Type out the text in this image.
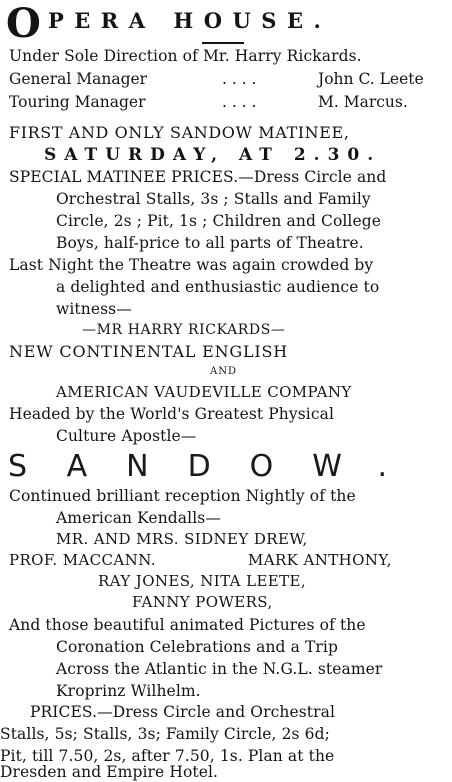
O PERA HOUSE.

Under Sole Direction of Mr. Harry Rickards.

General Manager	. . . .	John C. Leete
Touring Manager	. . . .	M. Marcus.

FIRST AND ONLY SANDOW MATINEE,

SATURDAY, AT 2.30.

SPECIAL MATINEE PRICES.—Dress Circle and

Orchestral Stalls, 3s ; Stalls and Family

Circle, 2s ; Pit, 1s ; Children and College

Boys, half-price to all parts of Theatre.

Last Night the Theatre was again crowded by

a delighted and enthusiastic audience to

witness—

—MR HARRY RICKARDS—

NEW CONTINENTAL ENGLISH

AND

AMERICAN VAUDEVILLE COMPANY

Headed by the World's Greatest Physical

Culture Apostle—

SANDOW.

Continued brilliant reception Nightly of the

American Kendalls—

MR. AND MRS. SIDNEY DREW,

PROF. MACCANN.	MARK ANTHONY,

RAY JONES, NITA LEETE,

FANNY POWERS,

And those beautiful animated Pictures of the

Coronation Celebrations and a Trip

Across the Atlantic in the N.G.L. steamer

Kroprinz Wilhelm.

PRICES.—Dress Circle and Orchestral

Stalls, 5s; Stalls, 3s; Family Circle, 2s 6d;

Pit, till 7.50, 2s, after 7.50, 1s. Plan at the

Dresden and Empire Hotel.
